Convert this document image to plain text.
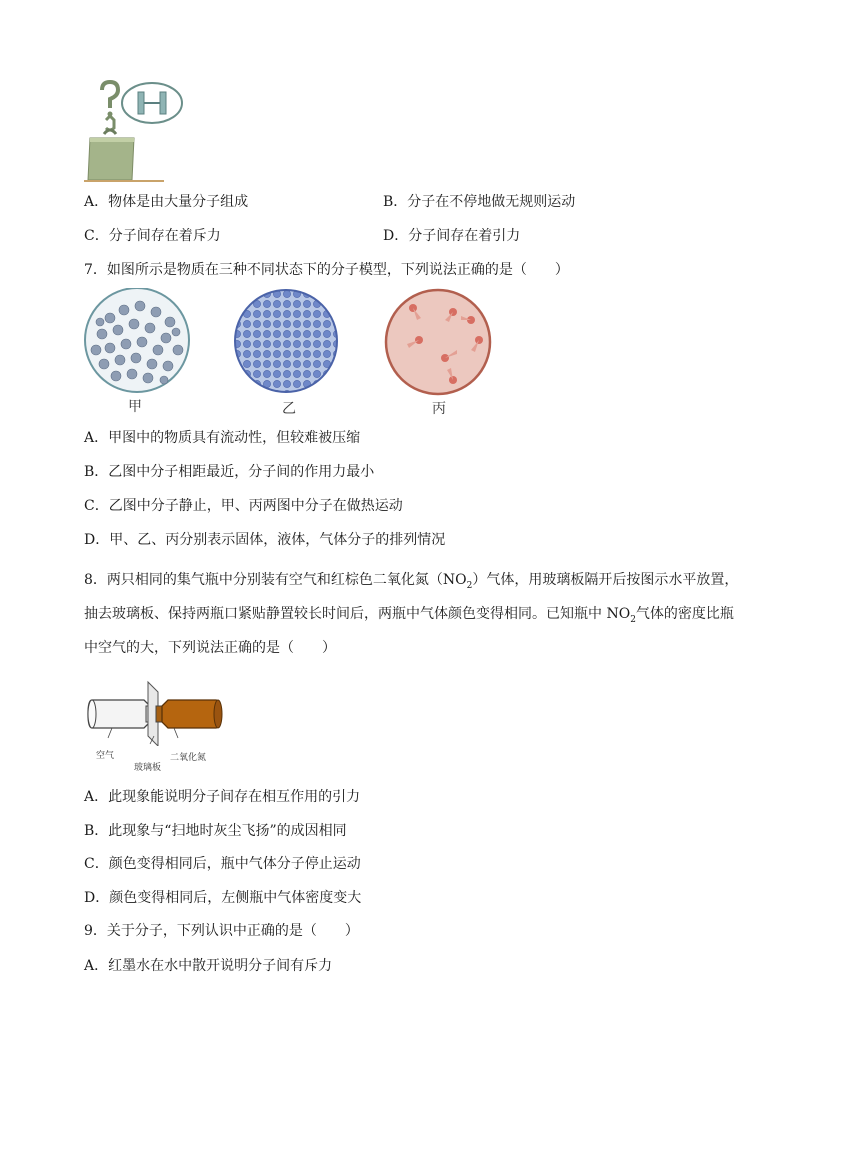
A．物体是由大量分子组成	B．分子在不停地做无规则运动
C．分子间存在着斥力	D．分子间存在着引力
7．如图所示是物质在三种不同状态下的分子模型，下列说法正确的是（　　）
甲	乙	丙
A．甲图中的物质具有流动性，但较难被压缩
B．乙图中分子相距最近，分子间的作用力最小
C．乙图中分子静止，甲、丙两图中分子在做热运动
D．甲、乙、丙分别表示固体，液体，气体分子的排列情况
8．两只相同的集气瓶中分别装有空气和红棕色二氧化氮$(NO_2)$气体，用玻璃板隔开后按图示水平放置，
抽去玻璃板、保持两瓶口紧贴静置较长时间后，两瓶中气体颜色变得相同。已知瓶中 $NO_2$气体的密度比瓶
中空气的大，下列说法正确的是（　　）
空气
玻璃板
二氧化氮
A．此现象能说明分子间存在相互作用的引力
B．此现象与“扫地时灰尘飞扬”的成因相同
C．颜色变得相同后，瓶中气体分子停止运动
D．颜色变得相同后，左侧瓶中气体密度变大
9．关于分子，下列认识中正确的是（　　）
A．红墨水在水中散开说明分子间有斥力
